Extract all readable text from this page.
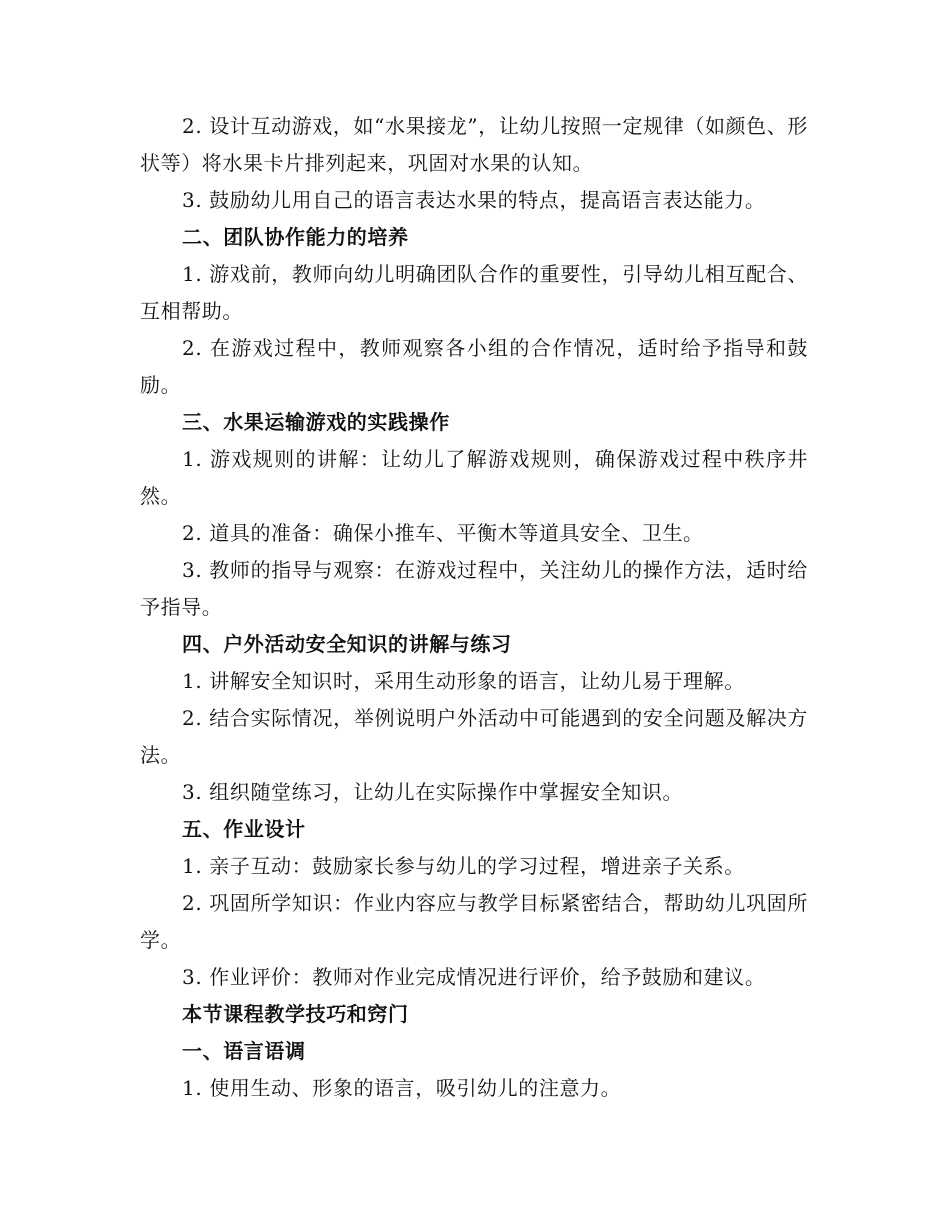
2. 设计互动游戏，如“水果接龙”，让幼儿按照一定规律（如颜色、形状等）将水果卡片排列起来，巩固对水果的认知。

3. 鼓励幼儿用自己的语言表达水果的特点，提高语言表达能力。

二、团队协作能力的培养

1. 游戏前，教师向幼儿明确团队合作的重要性，引导幼儿相互配合、互相帮助。

2. 在游戏过程中，教师观察各小组的合作情况，适时给予指导和鼓励。

三、水果运输游戏的实践操作

1. 游戏规则的讲解：让幼儿了解游戏规则，确保游戏过程中秩序井然。

2. 道具的准备：确保小推车、平衡木等道具安全、卫生。

3. 教师的指导与观察：在游戏过程中，关注幼儿的操作方法，适时给予指导。

四、户外活动安全知识的讲解与练习

1. 讲解安全知识时，采用生动形象的语言，让幼儿易于理解。

2. 结合实际情况，举例说明户外活动中可能遇到的安全问题及解决方法。

3. 组织随堂练习，让幼儿在实际操作中掌握安全知识。

五、作业设计

1. 亲子互动：鼓励家长参与幼儿的学习过程，增进亲子关系。

2. 巩固所学知识：作业内容应与教学目标紧密结合，帮助幼儿巩固所学。

3. 作业评价：教师对作业完成情况进行评价，给予鼓励和建议。

本节课程教学技巧和窍门

一、语言语调

1. 使用生动、形象的语言，吸引幼儿的注意力。
